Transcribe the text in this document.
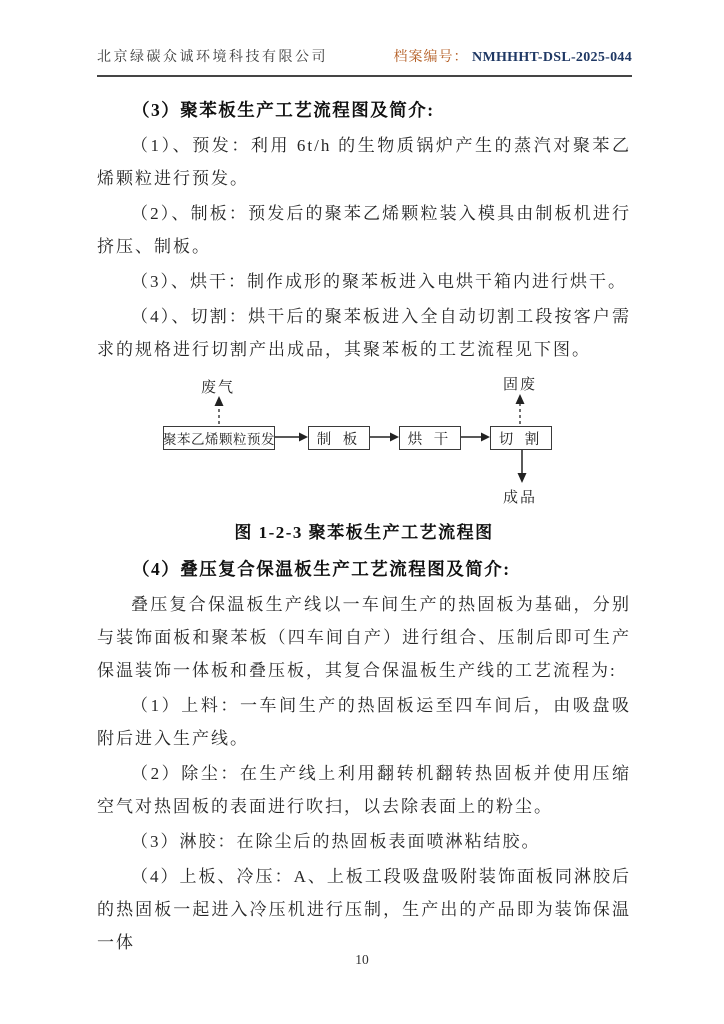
北京绿碳众诚环境科技有限公司	档案编号： NMHHHT-DSL-2025-044
（3）聚苯板生产工艺流程图及简介:

（1）、预发：利用 6t/h 的生物质锅炉产生的蒸汽对聚苯乙烯颗粒进行预发。

（2）、制板：预发后的聚苯乙烯颗粒装入模具由制板机进行挤压、制板。

（3）、烘干：制作成形的聚苯板进入电烘干箱内进行烘干。

（4）、切割：烘干后的聚苯板进入全自动切割工段按客户需求的规格进行切割产出成品，其聚苯板的工艺流程见下图。

废气	固废
聚苯乙烯颗粒预发	制 板	烘 干	切 割
成品

图 1-2-3 聚苯板生产工艺流程图

（4）叠压复合保温板生产工艺流程图及简介:

叠压复合保温板生产线以一车间生产的热固板为基础，分别与装饰面板和聚苯板（四车间自产）进行组合、压制后即可生产保温装饰一体板和叠压板，其复合保温板生产线的工艺流程为:

（1）上料：一车间生产的热固板运至四车间后，由吸盘吸附后进入生产线。

（2）除尘：在生产线上利用翻转机翻转热固板并使用压缩空气对热固板的表面进行吹扫，以去除表面上的粉尘。

（3）淋胶：在除尘后的热固板表面喷淋粘结胶。

（4）上板、冷压：A、上板工段吸盘吸附装饰面板同淋胶后的热固板一起进入冷压机进行压制，生产出的产品即为装饰保温一体

10
